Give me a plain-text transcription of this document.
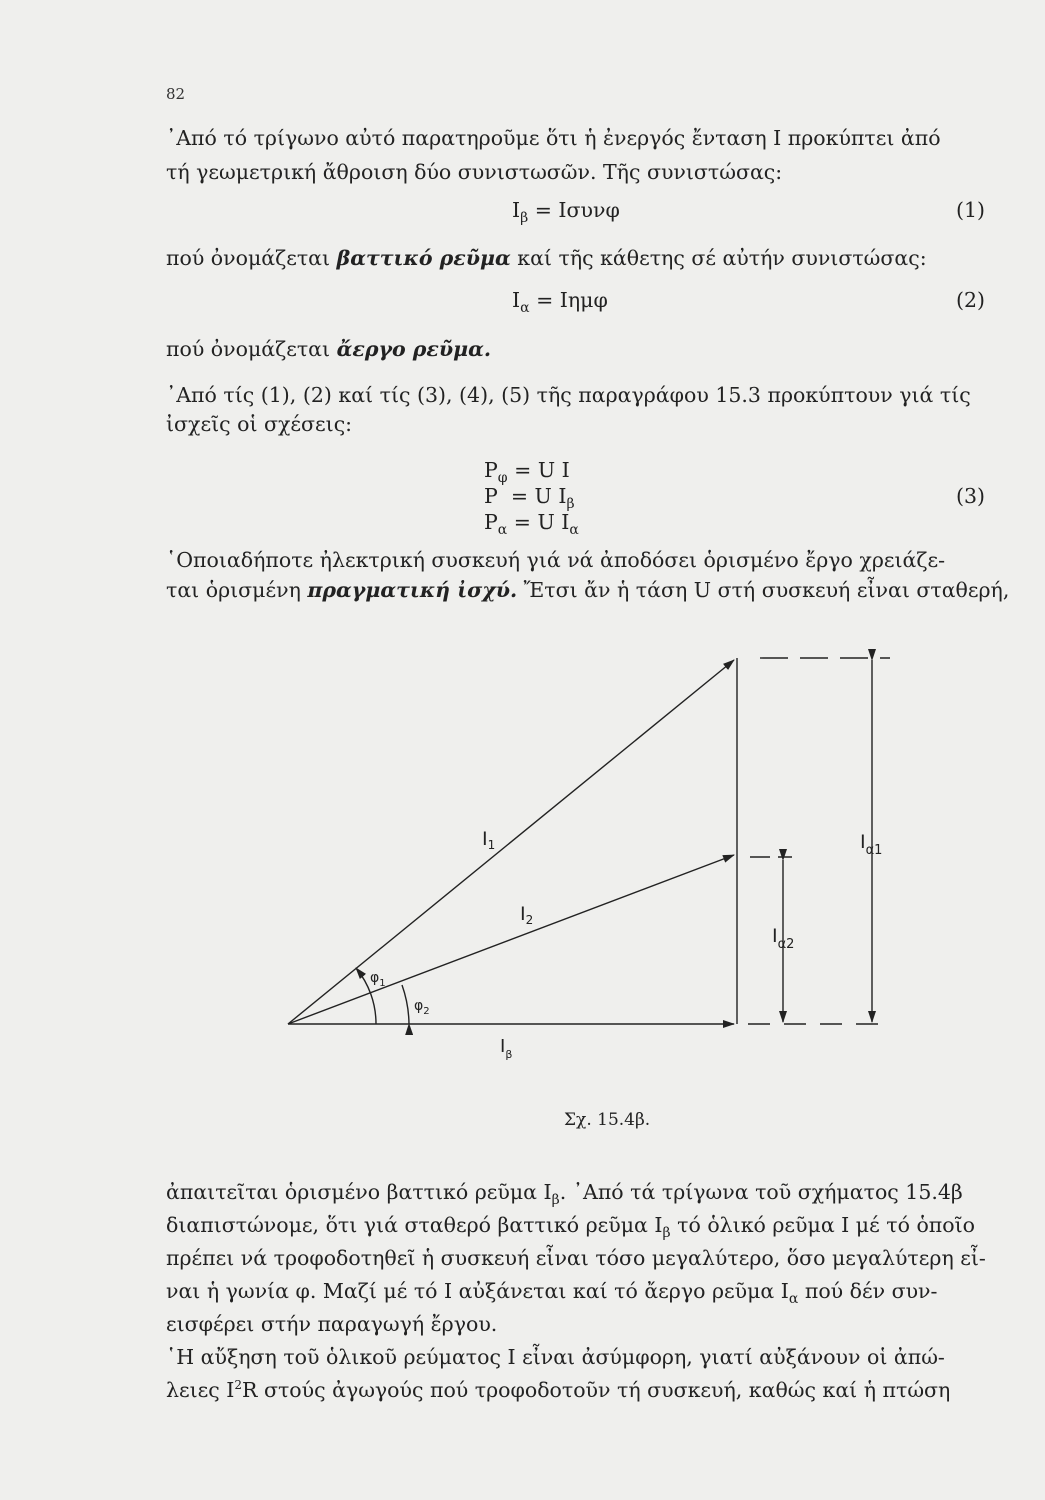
82
᾽Από τό τρίγωνο αὐτό παρατηροῦμε ὅτι ἡ ἐνεργός ἔνταση Ι προκύπτει ἀπό
τή γεωμετρική ἄθροιση δύο συνιστωσῶν. Τῆς συνιστώσας:
$I_\beta = I\sigma\upsilon\nu\varphi$	(1)
πού ὀνομάζεται βαττικό ρεῦμα καί τῆς κάθετης σέ αὐτήν συνιστώσας:
$I_\alpha = I\eta\mu\varphi$	(2)
πού ὀνομάζεται ἄεργο ρεῦμα.
᾽Από τίς (1), (2) καί τίς (3), (4), (5) τῆς παραγράφου 15.3 προκύπτουν γιά τίς
ἰσχεῖς οἱ σχέσεις:
$P_\varphi = U$ I
P = U $I_\beta$
$P_\alpha = U$ $I_\alpha$
(3)
῾Οποιαδήποτε ἠλεκτρική συσκευή γιά νά ἀποδόσει ὁρισμένο ἔργο χρειάζε-
ται ὁρισμένη πραγματική ἰσχύ. Ἔτσι ἄν ἡ τάση U στή συσκευή εἶναι σταθερή,
$I_1$
$I_2$
$I_\beta$
$I_{\alpha 1}$
$I_{\alpha 2}$
$\varphi_1$
$\varphi_2$
Σχ. 15.4β.
ἀπαιτεῖται ὁρισμένο βαττικό ρεῦμα $I_\beta$. ᾽Από τά τρίγωνα τοῦ σχήματος 15.4β
διαπιστώνομε, ὅτι γιά σταθερό βαττικό ρεῦμα $I_\beta$ τό ὁλικό ρεῦμα Ι μέ τό ὁποῖο
πρέπει νά τροφοδοτηθεῖ ἡ συσκευή εἶναι τόσο μεγαλύτερο, ὅσο μεγαλύτερη εἶ-
ναι ἡ γωνία φ. Μαζί μέ τό Ι αὐξάνεται καί τό ἄεργο ρεῦμα $I_\alpha$ πού δέν συν-
εισφέρει στήν παραγωγή ἔργου.
῾Η αὔξηση τοῦ ὁλικοῦ ρεύματος Ι εἶναι ἀσύμφορη, γιατί αὐξάνουν οἱ ἀπώ-
λειες $I^2R$ στούς ἀγωγούς πού τροφοδοτοῦν τή συσκευή, καθώς καί ἡ πτώση
